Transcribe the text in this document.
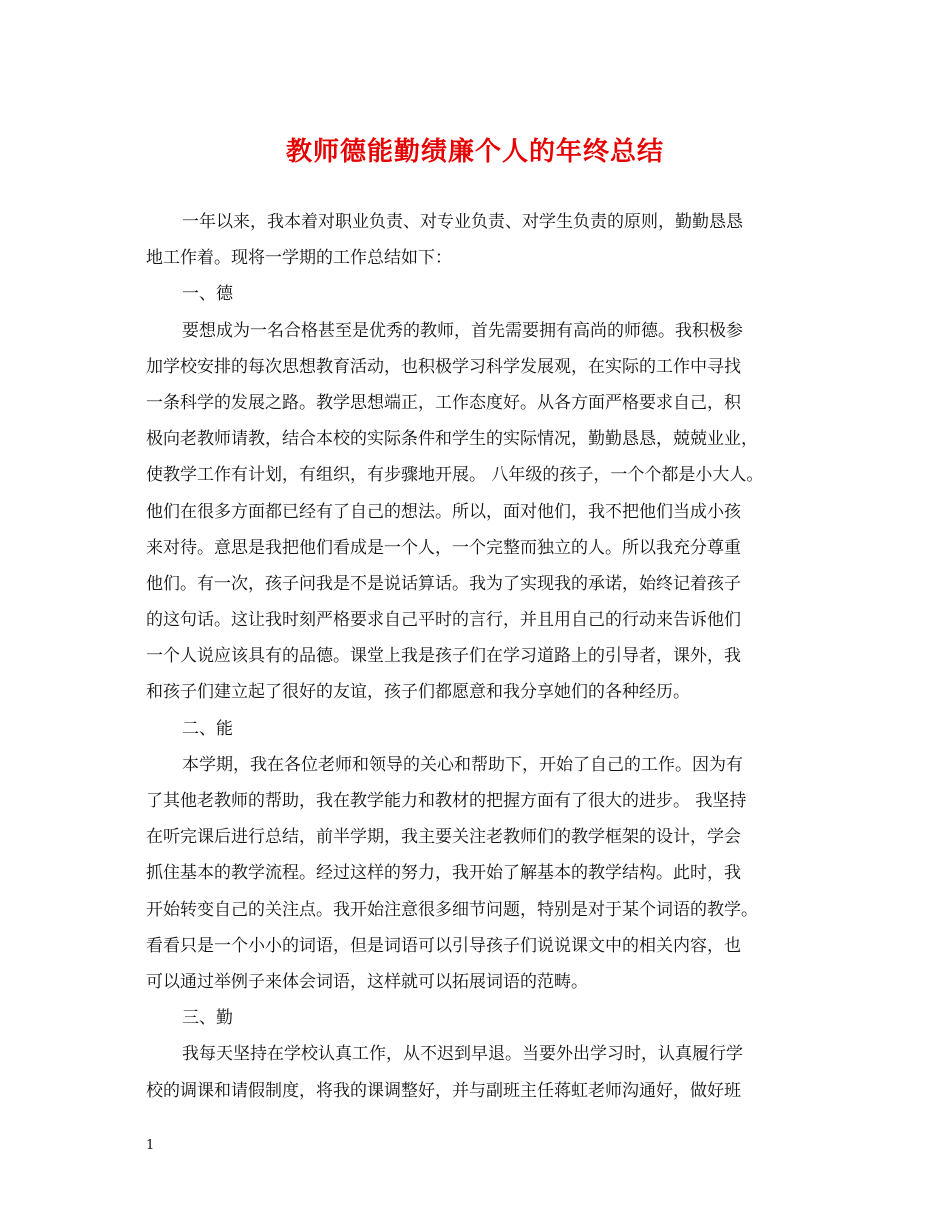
教师德能勤绩廉个人的年终总结
一年以来，我本着对职业负责、对专业负责、对学生负责的原则，勤勤恳恳
地工作着。现将一学期的工作总结如下：
一、德
要想成为一名合格甚至是优秀的教师，首先需要拥有高尚的师德。我积极参
加学校安排的每次思想教育活动，也积极学习科学发展观，在实际的工作中寻找
一条科学的发展之路。教学思想端正，工作态度好。从各方面严格要求自己，积
极向老教师请教，结合本校的实际条件和学生的实际情况，勤勤恳恳，兢兢业业，
使教学工作有计划，有组织，有步骤地开展。 八年级的孩子，一个个都是小大人。
他们在很多方面都已经有了自己的想法。所以，面对他们，我不把他们当成小孩
来对待。意思是我把他们看成是一个人，一个完整而独立的人。所以我充分尊重
他们。有一次，孩子问我是不是说话算话。我为了实现我的承诺，始终记着孩子
的这句话。这让我时刻严格要求自己平时的言行，并且用自己的行动来告诉他们
一个人说应该具有的品德。课堂上我是孩子们在学习道路上的引导者，课外，我
和孩子们建立起了很好的友谊，孩子们都愿意和我分享她们的各种经历。
二、能
本学期，我在各位老师和领导的关心和帮助下，开始了自己的工作。因为有
了其他老教师的帮助，我在教学能力和教材的把握方面有了很大的进步。 我坚持
在听完课后进行总结，前半学期，我主要关注老教师们的教学框架的设计，学会
抓住基本的教学流程。经过这样的努力，我开始了解基本的教学结构。此时，我
开始转变自己的关注点。我开始注意很多细节问题，特别是对于某个词语的教学。
看看只是一个小小的词语，但是词语可以引导孩子们说说课文中的相关内容，也
可以通过举例子来体会词语，这样就可以拓展词语的范畴。
三、勤
我每天坚持在学校认真工作，从不迟到早退。当要外出学习时，认真履行学
校的调课和请假制度，将我的课调整好，并与副班主任蒋虹老师沟通好，做好班
1
